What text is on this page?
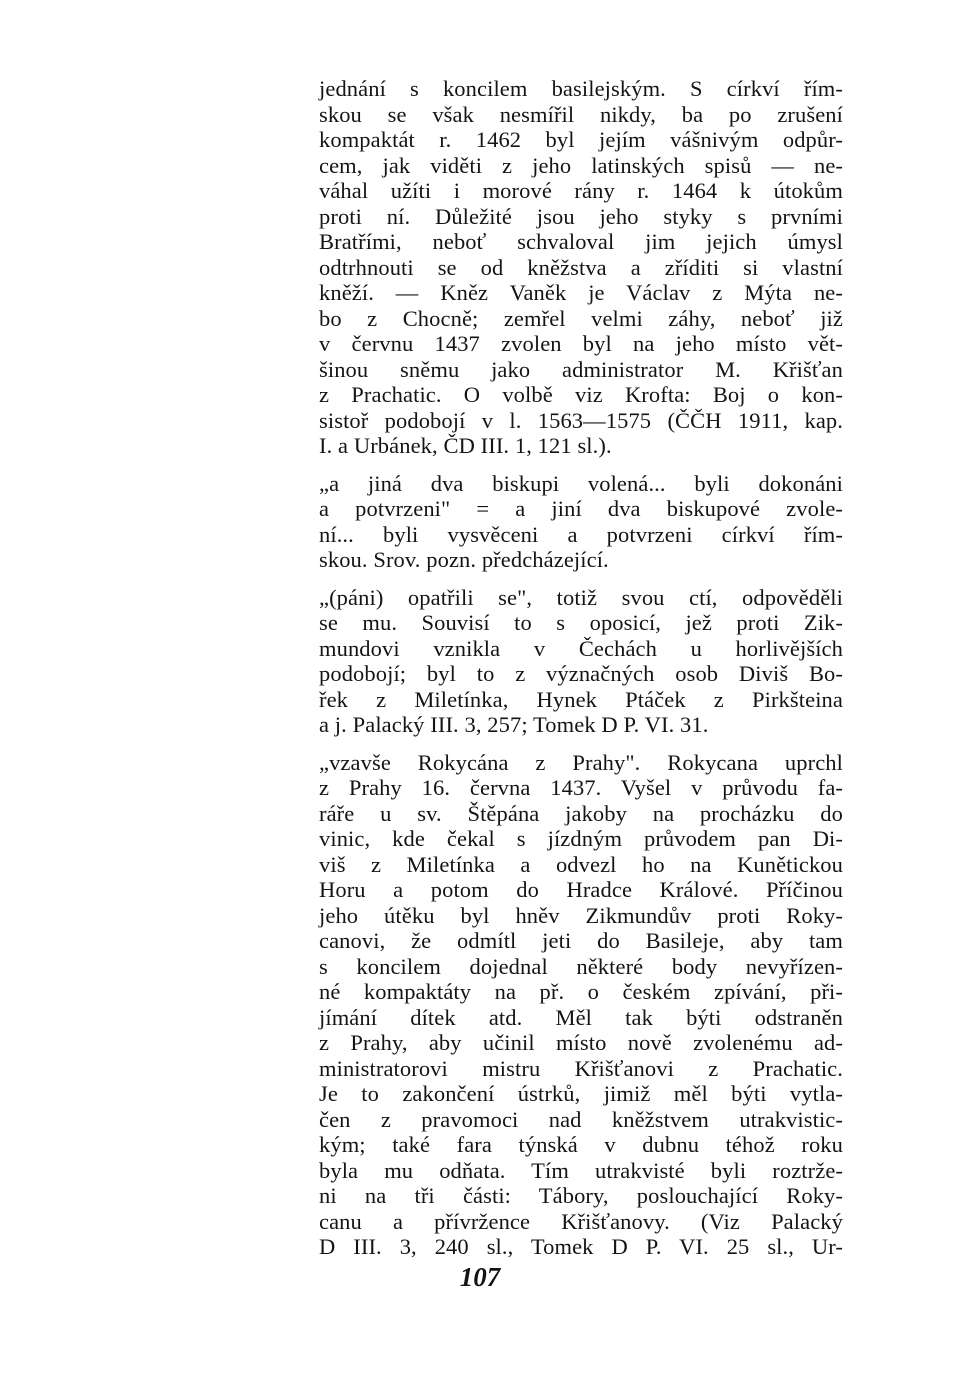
jednání s koncilem basilejským. S církví řím-
skou se však nesmířil nikdy, ba po zrušení
kompaktát r. 1462 byl jejím vášnivým odpůr-
cem, jak viděti z jeho latinských spisů — ne-
váhal užíti i morové rány r. 1464 k útokům
proti ní. Důležité jsou jeho styky s prvními
Bratřími, neboť schvaloval jim jejich úmysl
odtrhnouti se od kněžstva a zříditi si vlastní
kněží. — Kněz Vaněk je Václav z Mýta ne-
bo z Chocně; zemřel velmi záhy, neboť již
v červnu 1437 zvolen byl na jeho místo vět-
šinou sněmu jako administrator M. Křišťan
z Prachatic. O volbě viz Krofta: Boj o kon-
sistoř podobojí v l. 1563—1575 (ČČH 1911, kap.
I. a Urbánek, ČD III. 1, 121 sl.).

„a jiná dva biskupi volená... byli dokonáni
a potvrzeni" = a jiní dva biskupové zvole-
ní... byli vysvěceni a potvrzeni církví řím-
skou. Srov. pozn. předcházející.

„(páni) opatřili se", totiž svou ctí, odpověděli
se mu. Souvisí to s oposicí, jež proti Zik-
mundovi vznikla v Čechách u horlivějších
podobojí; byl to z význačných osob Diviš Bo-
řek z Miletínka, Hynek Ptáček z Pirkšteina
a j. Palacký III. 3, 257; Tomek D P. VI. 31.

„vzavše Rokycána z Prahy". Rokycana uprchl
z Prahy 16. června 1437. Vyšel v průvodu fa-
ráře u sv. Štěpána jakoby na procházku do
vinic, kde čekal s jízdným průvodem pan Di-
viš z Miletínka a odvezl ho na Kunětickou
Horu a potom do Hradce Králové. Příčinou
jeho útěku byl hněv Zikmundův proti Roky-
canovi, že odmítl jeti do Basileje, aby tam
s koncilem dojednal některé body nevyřízen-
né kompaktáty na př. o českém zpívání, při-
jímání dítek atd. Měl tak býti odstraněn
z Prahy, aby učinil místo nově zvolenému ad-
ministratorovi mistru Křišťanovi z Prachatic.
Je to zakončení ústrků, jimiž měl býti vytla-
čen z pravomoci nad kněžstvem utrakvistic-
kým; také fara týnská v dubnu téhož roku
byla mu odňata. Tím utrakvisté byli roztrže-
ni na tři části: Tábory, poslouchající Roky-
canu a přívržence Křišťanovy. (Viz Palacký
D III. 3, 240 sl., Tomek D P. VI. 25 sl., Ur-

107
